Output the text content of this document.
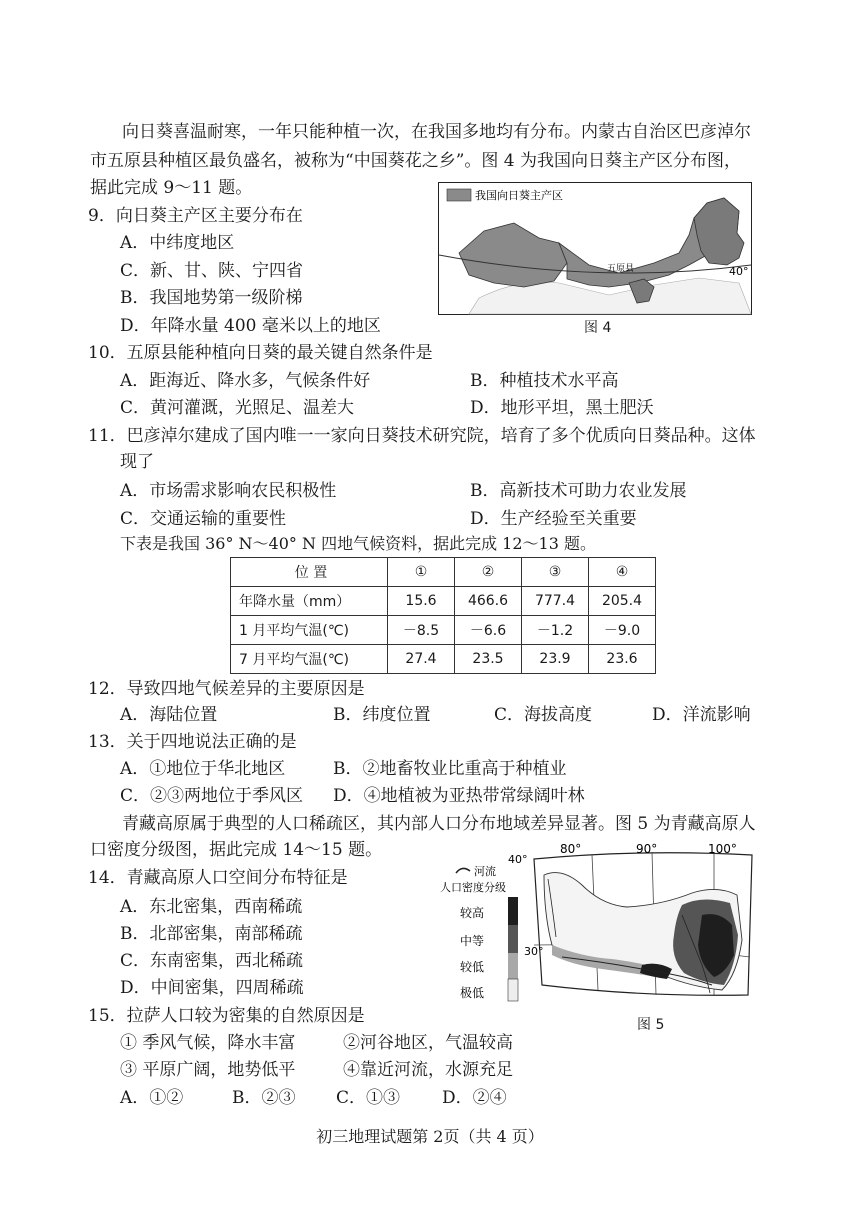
向日葵喜温耐寒，一年只能种植一次，在我国多地均有分布。内蒙古自治区巴彦淖尔
市五原县种植区最负盛名，被称为“中国葵花之乡”。图 4 为我国向日葵主产区分布图，
据此完成 9～11 题。	我国向日葵主产区
五原县	40°
图 4
9．向日葵主产区主要分布在
A．中纬度地区
C．新、甘、陕、宁四省
B．我国地势第一级阶梯
D．年降水量 400 毫米以上的地区
10．五原县能种植向日葵的最关键自然条件是
A．距海近、降水多，气候条件好	B．种植技术水平高
C．黄河灌溉，光照足、温差大	D．地形平坦，黑土肥沃
11．巴彦淖尔建成了国内唯一一家向日葵技术研究院，培育了多个优质向日葵品种。这体
现了
A．市场需求影响农民积极性	B．高新技术可助力农业发展
C．交通运输的重要性	D．生产经验至关重要
下表是我国 36° N～40° N 四地气候资料，据此完成 12～13 题。
位 置	①	②	③	④
年降水量（mm）	15.6	466.6	777.4	205.4
1 月平均气温(℃)	－8.5	－6.6	－1.2	－9.0
7 月平均气温(℃)	27.4	23.5	23.9	23.6
12．导致四地气候差异的主要原因是
A．海陆位置	B．纬度位置	C．海拔高度	D．洋流影响
13．关于四地说法正确的是
A．①地位于华北地区	B．②地畜牧业比重高于种植业
C．②③两地位于季风区 D．④地植被为亚热带常绿阔叶林
青藏高原属于典型的人口稀疏区，其内部人口分布地域差异显著。图 5 为青藏高原人
口密度分级图，据此完成 14～15 题。
河流
人口密度分级
较高
中等
较低
极低
40°
30°
80°	90°	100°
图 5
14．青藏高原人口空间分布特征是
A．东北密集，西南稀疏
B．北部密集，南部稀疏
C．东南密集，西北稀疏
D．中间密集，四周稀疏
15．拉萨人口较为密集的自然原因是
① 季风气候，降水丰富	②河谷地区，气温较高
③ 平原广阔，地势低平	④靠近河流，水源充足
A．①②	B．②③ C．①③ D．②④
初三地理试题第 2页（共 4 页）
